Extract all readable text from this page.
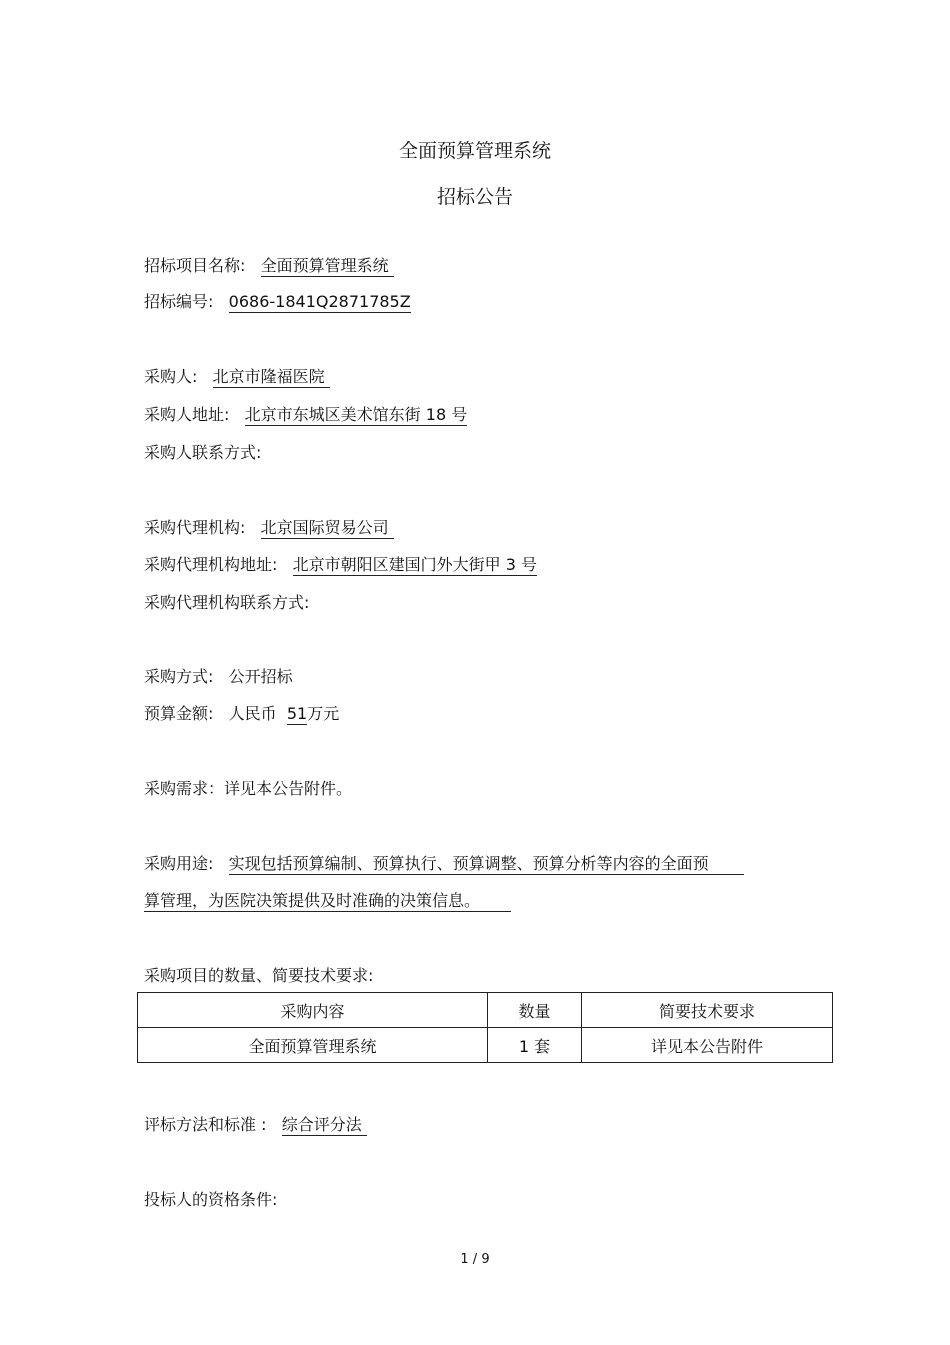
全面预算管理系统
招标公告
招标项目名称: 全面预算管理系统
招标编号: 0686-1841Q2871785Z
采购人: 北京市隆福医院
采购人地址: 北京市东城区美术馆东街 18 号
采购人联系方式:
采购代理机构: 北京国际贸易公司
采购代理机构地址: 北京市朝阳区建国门外大街甲 3 号
采购代理机构联系方式:
采购方式: 公开招标
预算金额: 人民币 51万元
采购需求：详见本公告附件。
采购用途: 实现包括预算编制、预算执行、预算调整、预算分析等内容的全面预
算管理，为医院决策提供及时准确的决策信息。
采购项目的数量、简要技术要求:
采购内容	数量	简要技术要求
全面预算管理系统	1 套	详见本公告附件
评标方法和标准 : 综合评分法
投标人的资格条件:
1 / 9
